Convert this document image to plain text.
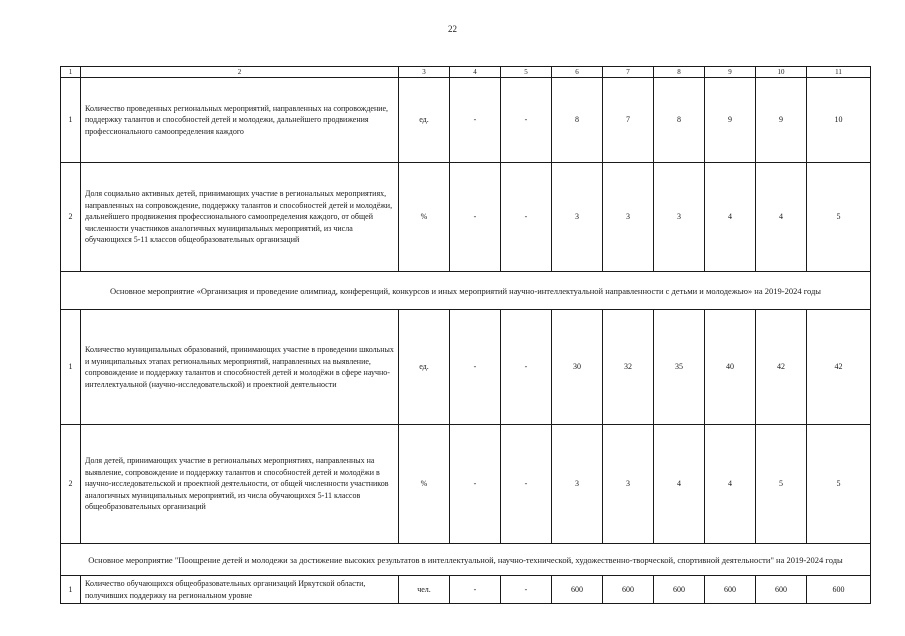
22
1	2	3	4	5	6	7	8	9	10	11
1	Количество проведенных региональных мероприятий, направленных на сопровождение, поддержку талантов и способностей детей и молодежи, дальнейшего продвижения профессионального самоопределения каждого	ед.	-	-	8	7	8	9	9	10
2	Доля социально активных детей, принимающих участие в региональных мероприятиях, направленных на сопровождение, поддержку талантов и способностей детей и молодёжи, дальнейшего продвижения профессионального самоопределения каждого, от общей численности участников аналогичных муниципальных мероприятий, из числа обучающихся 5-11 классов общеобразовательных организаций	%	-	-	3	3	3	4	4	5
Основное мероприятие «Организация и проведение олимпиад, конференций, конкурсов и иных мероприятий научно-интеллектуальной направленности с детьми и молодежью» на 2019-2024 годы										
1	Количество муниципальных образований, принимающих участие в проведении школьных и муниципальных этапах региональных мероприятий, направленных на выявление, сопровождение и поддержку талантов и способностей детей и молодёжи в сфере научно-интеллектуальной (научно-исследовательской) и проектной деятельности	ед.	-	-	30	32	35	40	42	42
2	Доля детей, принимающих участие в региональных мероприятиях, направленных на выявление, сопровождение и поддержку талантов и способностей детей и молодёжи в научно-исследовательской и проектной деятельности, от общей численности участников аналогичных муниципальных мероприятий, из числа обучающихся 5-11 классов общеобразовательных организаций	%	-	-	3	3	4	4	5	5
Основное мероприятие "Поощрение детей и молодежи за достижение высоких результатов в интеллектуальной, научно-технической, художественно-творческой, спортивной деятельности" на 2019-2024 годы										
1	Количество обучающихся общеобразовательных организаций Иркутской области, получивших поддержку на региональном уровне	чел.	-	-	600	600	600	600	600	600
